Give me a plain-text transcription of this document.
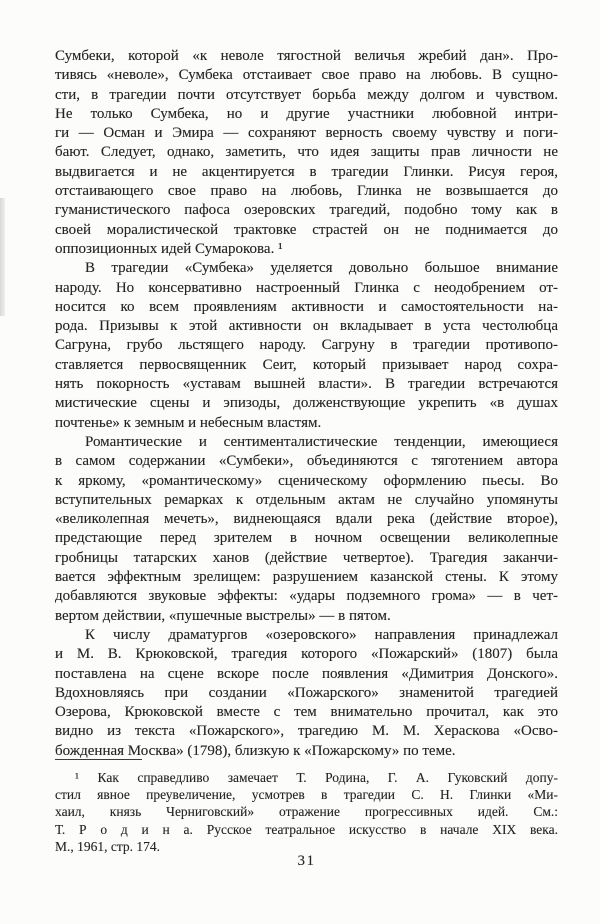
Сумбеки, которой «к неволе тягостной величья жребий дан». Про-
тивясь «неволе», Сумбека отстаивает свое право на любовь. В сущно-
сти, в трагедии почти отсутствует борьба между долгом и чувством.
Не только Сумбека, но и другие участники любовной интри-
ги — Осман и Эмира — сохраняют верность своему чувству и поги-
бают. Следует, однако, заметить, что идея защиты прав личности не
выдвигается и не акцентируется в трагедии Глинки. Рисуя героя,
отстаивающего свое право на любовь, Глинка не возвышается до
гуманистического пафоса озеровских трагедий, подобно тому как в
своей моралистической трактовке страстей он не поднимается до
оппозиционных идей Сумарокова. ¹
В трагедии «Сумбека» уделяется довольно большое внимание
народу. Но консервативно настроенный Глинка с неодобрением от-
носится ко всем проявлениям активности и самостоятельности на-
рода. Призывы к этой активности он вкладывает в уста честолюбца
Сагруна, грубо льстящего народу. Сагруну в трагедии противопо-
ставляется первосвященник Сеит, который призывает народ сохра-
нять покорность «уставам вышней власти». В трагедии встречаются
мистические сцены и эпизоды, долженствующие укрепить «в душах
почтенье» к земным и небесным властям.
Романтические и сентименталистические тенденции, имеющиеся
в самом содержании «Сумбеки», объединяются с тяготением автора
к яркому, «романтическому» сценическому оформлению пьесы. Во
вступительных ремарках к отдельным актам не случайно упомянуты
«великолепная мечеть», виднеющаяся вдали река (действие второе),
предстающие перед зрителем в ночном освещении великолепные
гробницы татарских ханов (действие четвертое). Трагедия заканчи-
вается эффектным зрелищем: разрушением казанской стены. К этому
добавляются звуковые эффекты: «удары подземного грома» — в чет-
вертом действии, «пушечные выстрелы» — в пятом.
К числу драматургов «озеровского» направления принадлежал
и М. В. Крюковской, трагедия которого «Пожарский» (1807) была
поставлена на сцене вскоре после появления «Димитрия Донского».
Вдохновляясь при создании «Пожарского» знаменитой трагедией
Озерова, Крюковской вместе с тем внимательно прочитал, как это
видно из текста «Пожарского», трагедию М. М. Хераскова «Осво-
божденная Москва» (1798), близкую к «Пожарскому» по теме.
¹ Как справедливо замечает Т. Родина, Г. А. Гуковский допу-
стил явное преувеличение, усмотрев в трагедии С. Н. Глинки «Ми-
хаил, князь Черниговский» отражение прогрессивных идей. См.:
Т. Р о д и н а. Русское театральное искусство в начале XIX века.
М., 1961, стр. 174.
31
